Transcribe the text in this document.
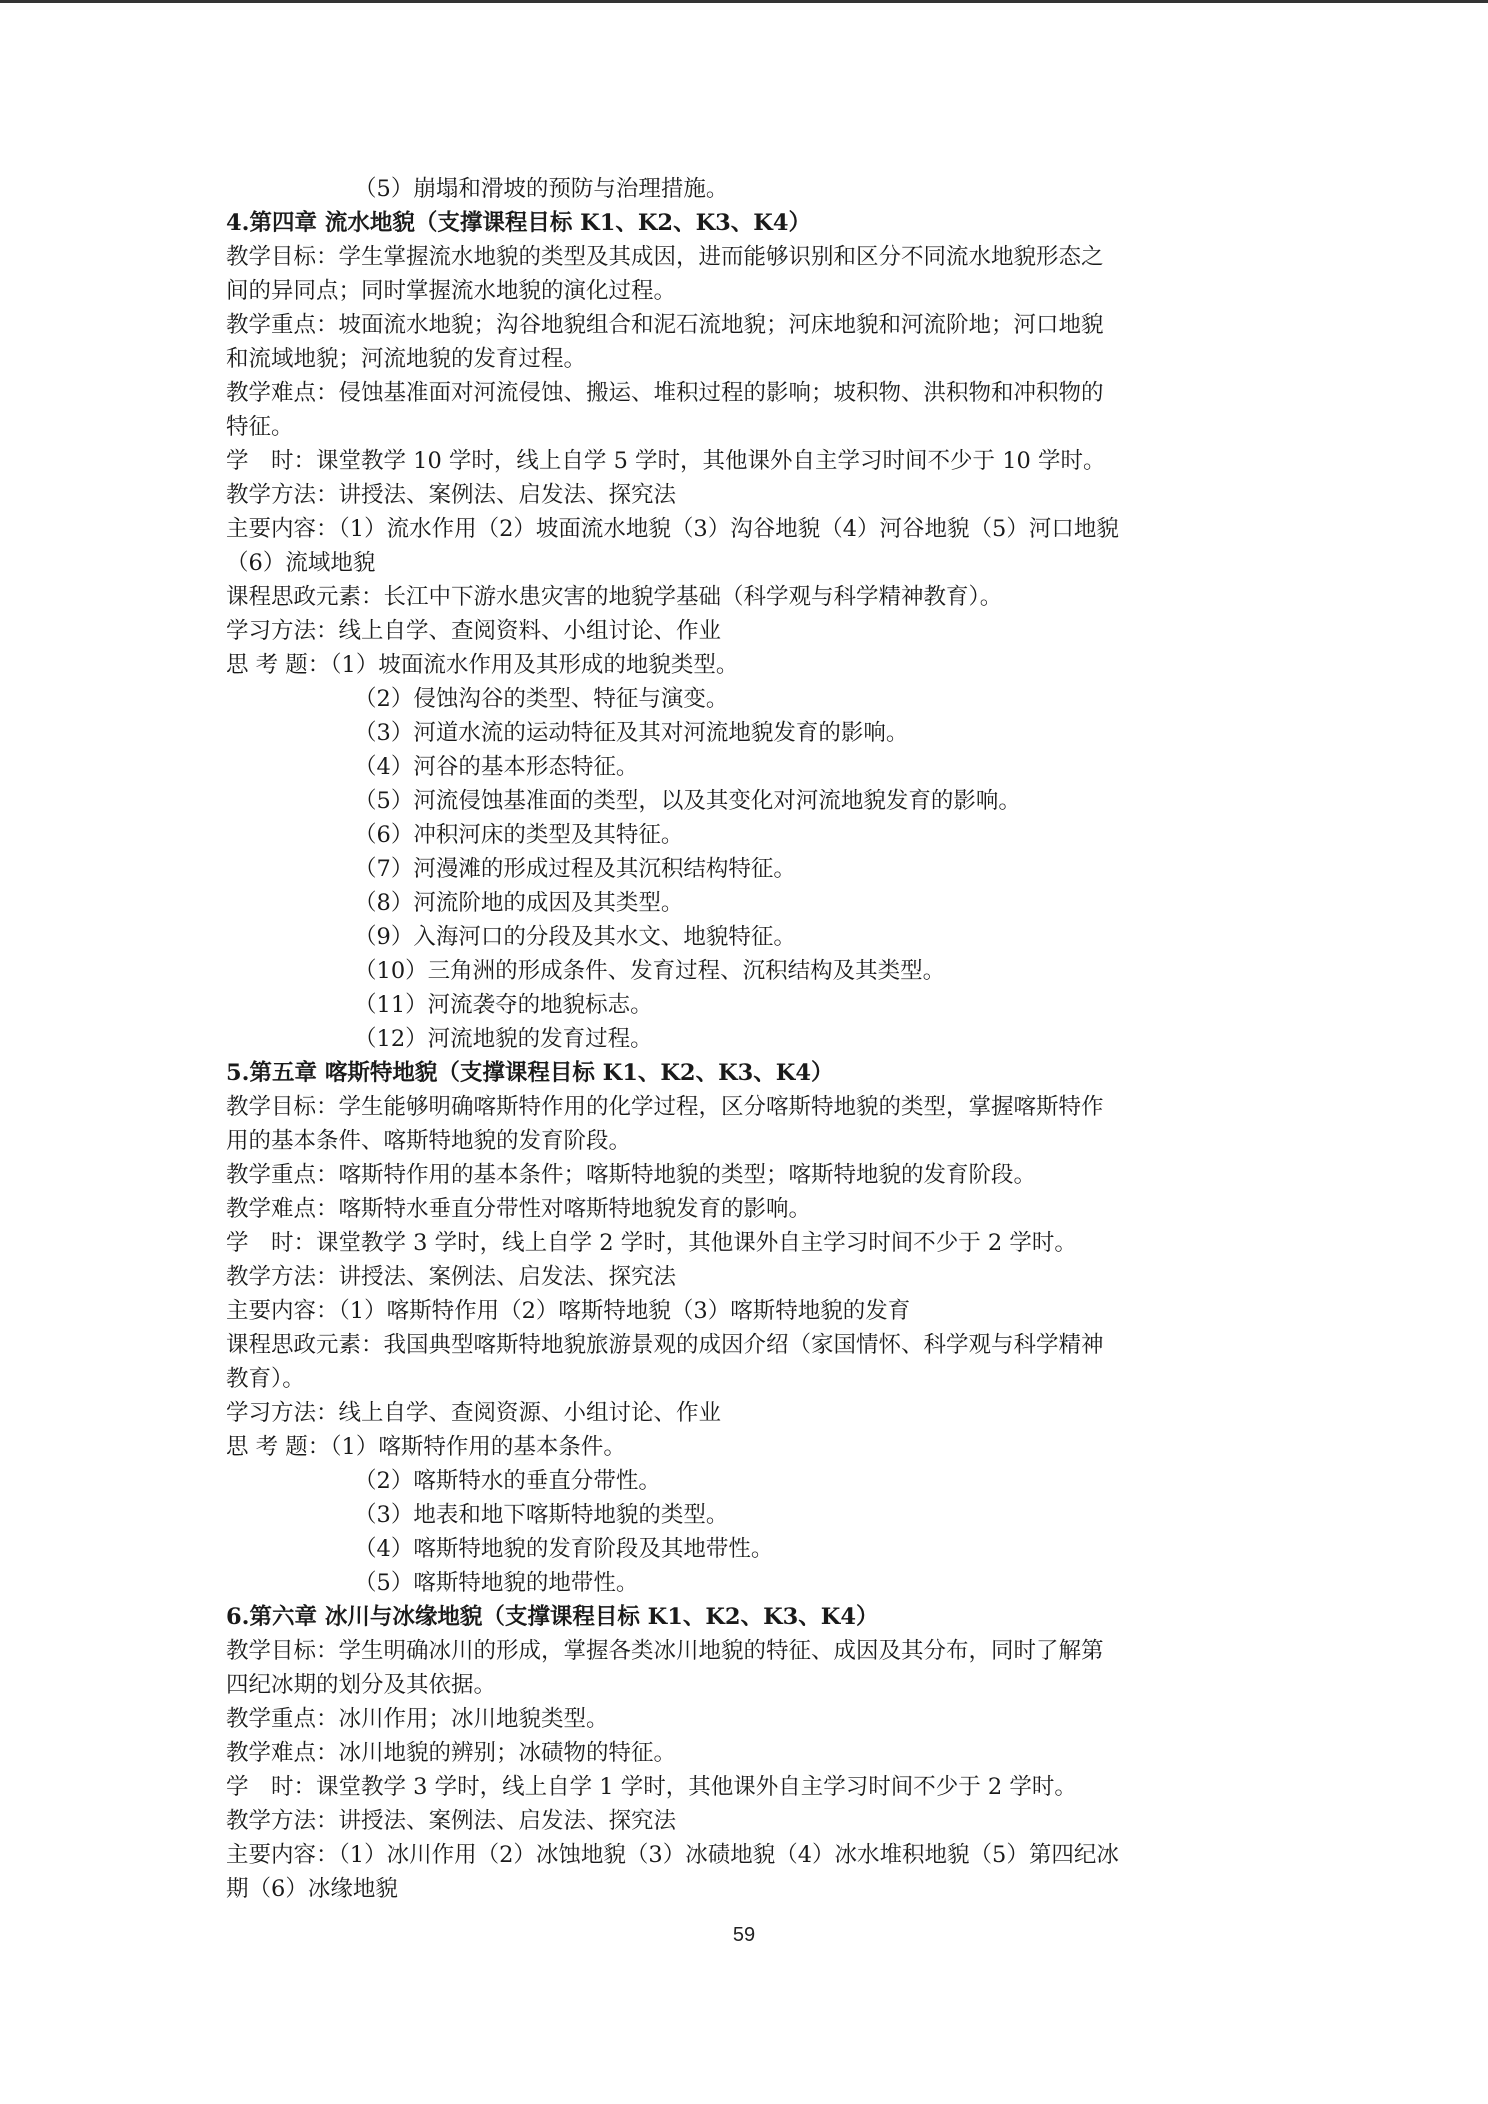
（5）崩塌和滑坡的预防与治理措施。
4.第四章 流水地貌（支撑课程目标 K1、K2、K3、K4）
教学目标：学生掌握流水地貌的类型及其成因，进而能够识别和区分不同流水地貌形态之
间的异同点；同时掌握流水地貌的演化过程。
教学重点：坡面流水地貌；沟谷地貌组合和泥石流地貌；河床地貌和河流阶地；河口地貌
和流域地貌；河流地貌的发育过程。
教学难点：侵蚀基准面对河流侵蚀、搬运、堆积过程的影响；坡积物、洪积物和冲积物的
特征。
学　时：课堂教学 10 学时，线上自学 5 学时，其他课外自主学习时间不少于 10 学时。
教学方法：讲授法、案例法、启发法、探究法
主要内容：（1）流水作用（2）坡面流水地貌（3）沟谷地貌（4）河谷地貌（5）河口地貌
（6）流域地貌
课程思政元素：长江中下游水患灾害的地貌学基础（科学观与科学精神教育）。
学习方法：线上自学、查阅资料、小组讨论、作业
思 考 题：（1）坡面流水作用及其形成的地貌类型。
（2）侵蚀沟谷的类型、特征与演变。
（3）河道水流的运动特征及其对河流地貌发育的影响。
（4）河谷的基本形态特征。
（5）河流侵蚀基准面的类型，以及其变化对河流地貌发育的影响。
（6）冲积河床的类型及其特征。
（7）河漫滩的形成过程及其沉积结构特征。
（8）河流阶地的成因及其类型。
（9）入海河口的分段及其水文、地貌特征。
（10）三角洲的形成条件、发育过程、沉积结构及其类型。
（11）河流袭夺的地貌标志。
（12）河流地貌的发育过程。
5.第五章 喀斯特地貌（支撑课程目标 K1、K2、K3、K4）
教学目标：学生能够明确喀斯特作用的化学过程，区分喀斯特地貌的类型，掌握喀斯特作
用的基本条件、喀斯特地貌的发育阶段。
教学重点：喀斯特作用的基本条件；喀斯特地貌的类型；喀斯特地貌的发育阶段。
教学难点：喀斯特水垂直分带性对喀斯特地貌发育的影响。
学　时：课堂教学 3 学时，线上自学 2 学时，其他课外自主学习时间不少于 2 学时。
教学方法：讲授法、案例法、启发法、探究法
主要内容：（1）喀斯特作用（2）喀斯特地貌（3）喀斯特地貌的发育
课程思政元素：我国典型喀斯特地貌旅游景观的成因介绍（家国情怀、科学观与科学精神
教育）。
学习方法：线上自学、查阅资源、小组讨论、作业
思 考 题：（1）喀斯特作用的基本条件。
（2）喀斯特水的垂直分带性。
（3）地表和地下喀斯特地貌的类型。
（4）喀斯特地貌的发育阶段及其地带性。
（5）喀斯特地貌的地带性。
6.第六章 冰川与冰缘地貌（支撑课程目标 K1、K2、K3、K4）
教学目标：学生明确冰川的形成，掌握各类冰川地貌的特征、成因及其分布，同时了解第
四纪冰期的划分及其依据。
教学重点：冰川作用；冰川地貌类型。
教学难点：冰川地貌的辨别；冰碛物的特征。
学　时：课堂教学 3 学时，线上自学 1 学时，其他课外自主学习时间不少于 2 学时。
教学方法：讲授法、案例法、启发法、探究法
主要内容：（1）冰川作用（2）冰蚀地貌（3）冰碛地貌（4）冰水堆积地貌（5）第四纪冰
期（6）冰缘地貌
59
